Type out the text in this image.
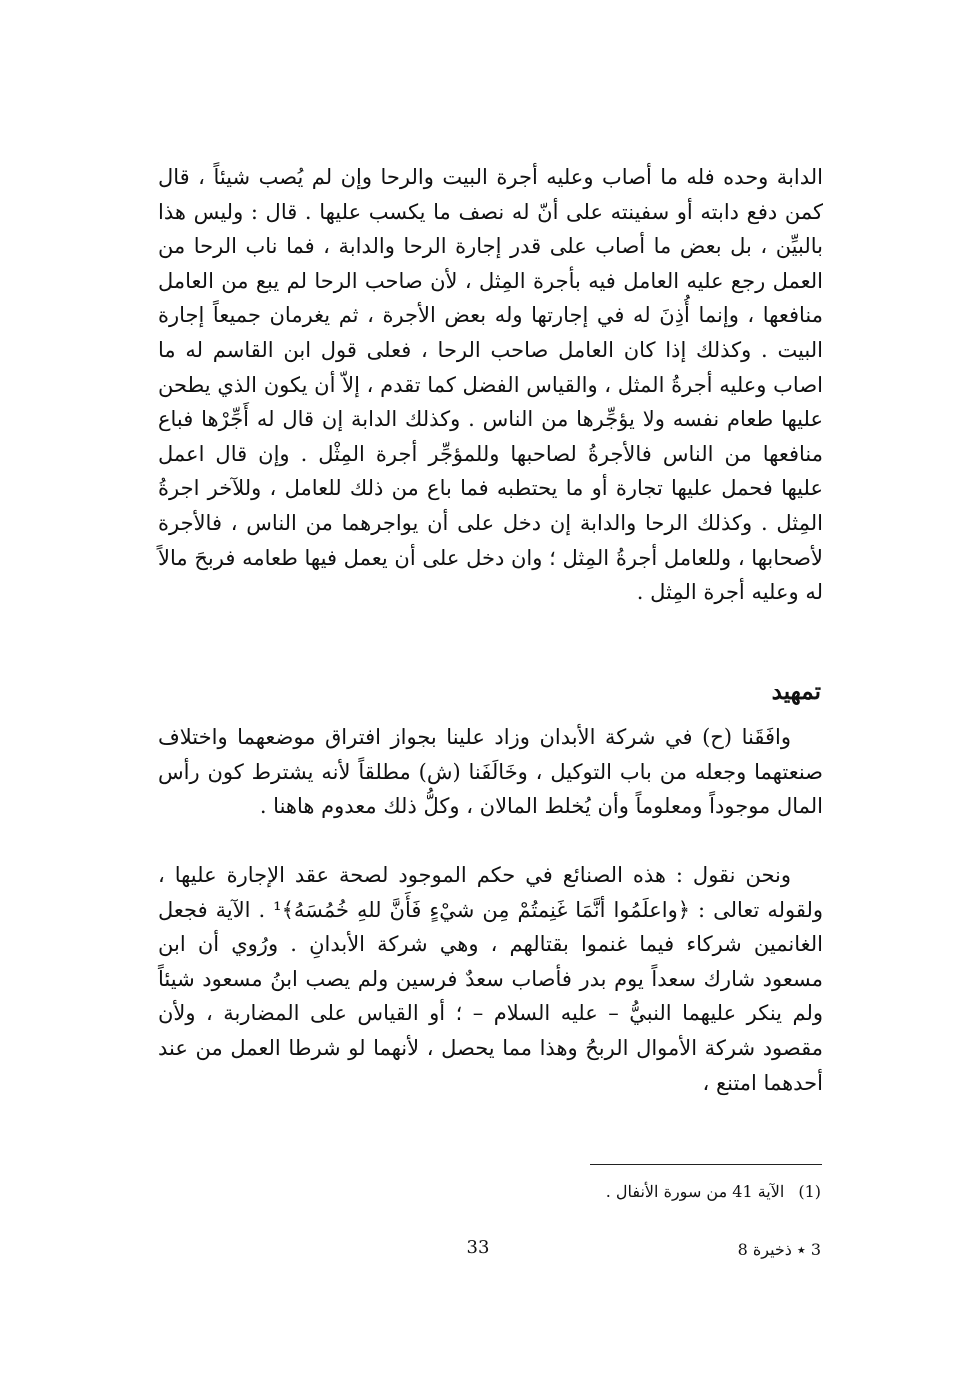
الدابة وحده فله ما أصاب وعليه أجرة البيت والرحا وإن لم يُصب شيئاً ، قال كمن دفع دابته أو سفينته على أنّ له نصف ما يكسب عليها . قال : وليس هذا بالبيِّن ، بل بعض ما أصاب على قدر إجارة الرحا والدابة ، فما ناب الرحا من العمل رجع عليه العامل فيه بأجرة المِثل ، لأن صاحب الرحا لم يبع من العامل منافعها ، وإنما أُذِنَ له في إجارتها وله بعض الأجرة ، ثم يغرمان جميعاً إجارة البيت . وكذلك إذا كان العامل صاحب الرحا ، فعلى قول ابن القاسم له ما اصاب وعليه أجرةُ المثل ، والقياس الفضل كما تقدم ، إلاّ أن يكون الذي يطحن عليها طعام نفسه ولا يؤجِّرها من الناس . وكذلك الدابة إن قال له أَجِّرْها فباع منافعها من الناس فالأجرةُ لصاحبها وللمؤجِّر أجرة المِثْل . وإن قال اعمل عليها فحمل عليها تجارة أو ما يحتطبه فما باع من ذلك للعامل ، وللآخر اجرةُ المِثل . وكذلك الرحا والدابة إن دخل على أن يواجرهما من الناس ، فالأجرة لأصحابها ، وللعامل أجرةُ المِثل ؛ وان دخل على أن يعمل فيها طعامه فربحَ مالاً له وعليه أجرة المِثل .

تمهيد

وافَقَنا (ح) في شركة الأبدان وزاد علينا بجواز افتراق موضعهما واختلاف صنعتهما وجعله من باب التوكيل ، وخَالَفَنا (ش) مطلقاً لأنه يشترط كون رأس المال موجوداً ومعلوماً وأن يُخلط المالان ، وكلُّ ذلك معدوم هاهنا .

ونحن نقول : هذه الصنائع في حكم الموجود لصحة عقد الإجارة عليها ، ولقوله تعالى : ﴿واعلَمُوا أنَّمَا غَنِمتُمْ مِن شيْءٍ فَأَنَّ للهِ خُمُسَهُ﴾¹ . الآية فجعل الغانمين شركاء فيما غنموا بقتالهم ، وهي شركة الأبدانِ . ورُوي أن ابن مسعود شارك سعداً يوم بدر فأصاب سعدٌ فرسين ولم يصب ابنُ مسعود شيئاً ولم ينكر عليهما النبيُّ – عليه السلام – ؛ أو القياس على المضاربة ، ولأن مقصود شركة الأموال الربحُ وهذا مما يحصل ، لأنهما لو شرطا العمل من عند أحدهما امتنع ،

(1)الآية 41 من سورة الأنفال .
33	3 ٭ ذخيرة 8
